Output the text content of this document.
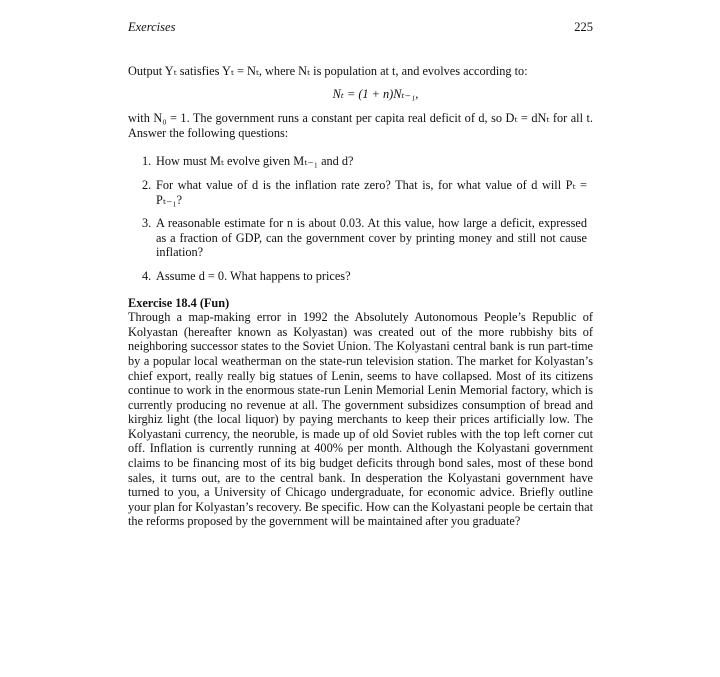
Exercises	225

Output Yₜ satisfies Yₜ = Nₜ, where Nₜ is population at t, and evolves according to:

Nₜ = (1 + n)Nₜ₋₁,

with N₀ = 1. The government runs a constant per capita real deficit of d, so Dₜ = dNₜ for all t. Answer the following questions:

1. How must Mₜ evolve given Mₜ₋₁ and d?
2. For what value of d is the inflation rate zero? That is, for what value of d will Pₜ = Pₜ₋₁?
3. A reasonable estimate for n is about 0.03. At this value, how large a deficit, expressed as a fraction of GDP, can the government cover by printing money and still not cause inflation?
4. Assume d = 0. What happens to prices?
Exercise 18.4 (Fun)

Through a map-making error in 1992 the Absolutely Autonomous People’s Republic of Kolyastan (hereafter known as Kolyastan) was created out of the more rubbishy bits of neighboring successor states to the Soviet Union. The Kolyastani central bank is run part-time by a popular local weatherman on the state-run television station. The market for Kolyastan’s chief export, really really big statues of Lenin, seems to have collapsed. Most of its citizens continue to work in the enormous state-run Lenin Memorial Lenin Memorial factory, which is currently producing no revenue at all. The government subsidizes consumption of bread and kirghiz light (the local liquor) by paying merchants to keep their prices artificially low. The Kolyastani currency, the neoruble, is made up of old Soviet rubles with the top left corner cut off. Inflation is currently running at 400% per month. Although the Kolyastani government claims to be financing most of its big budget deficits through bond sales, most of these bond sales, it turns out, are to the central bank. In desperation the Kolyastani government have turned to you, a University of Chicago undergraduate, for economic advice. Briefly outline your plan for Kolyastan’s recovery. Be specific. How can the Kolyastani people be certain that the reforms proposed by the government will be maintained after you graduate?
